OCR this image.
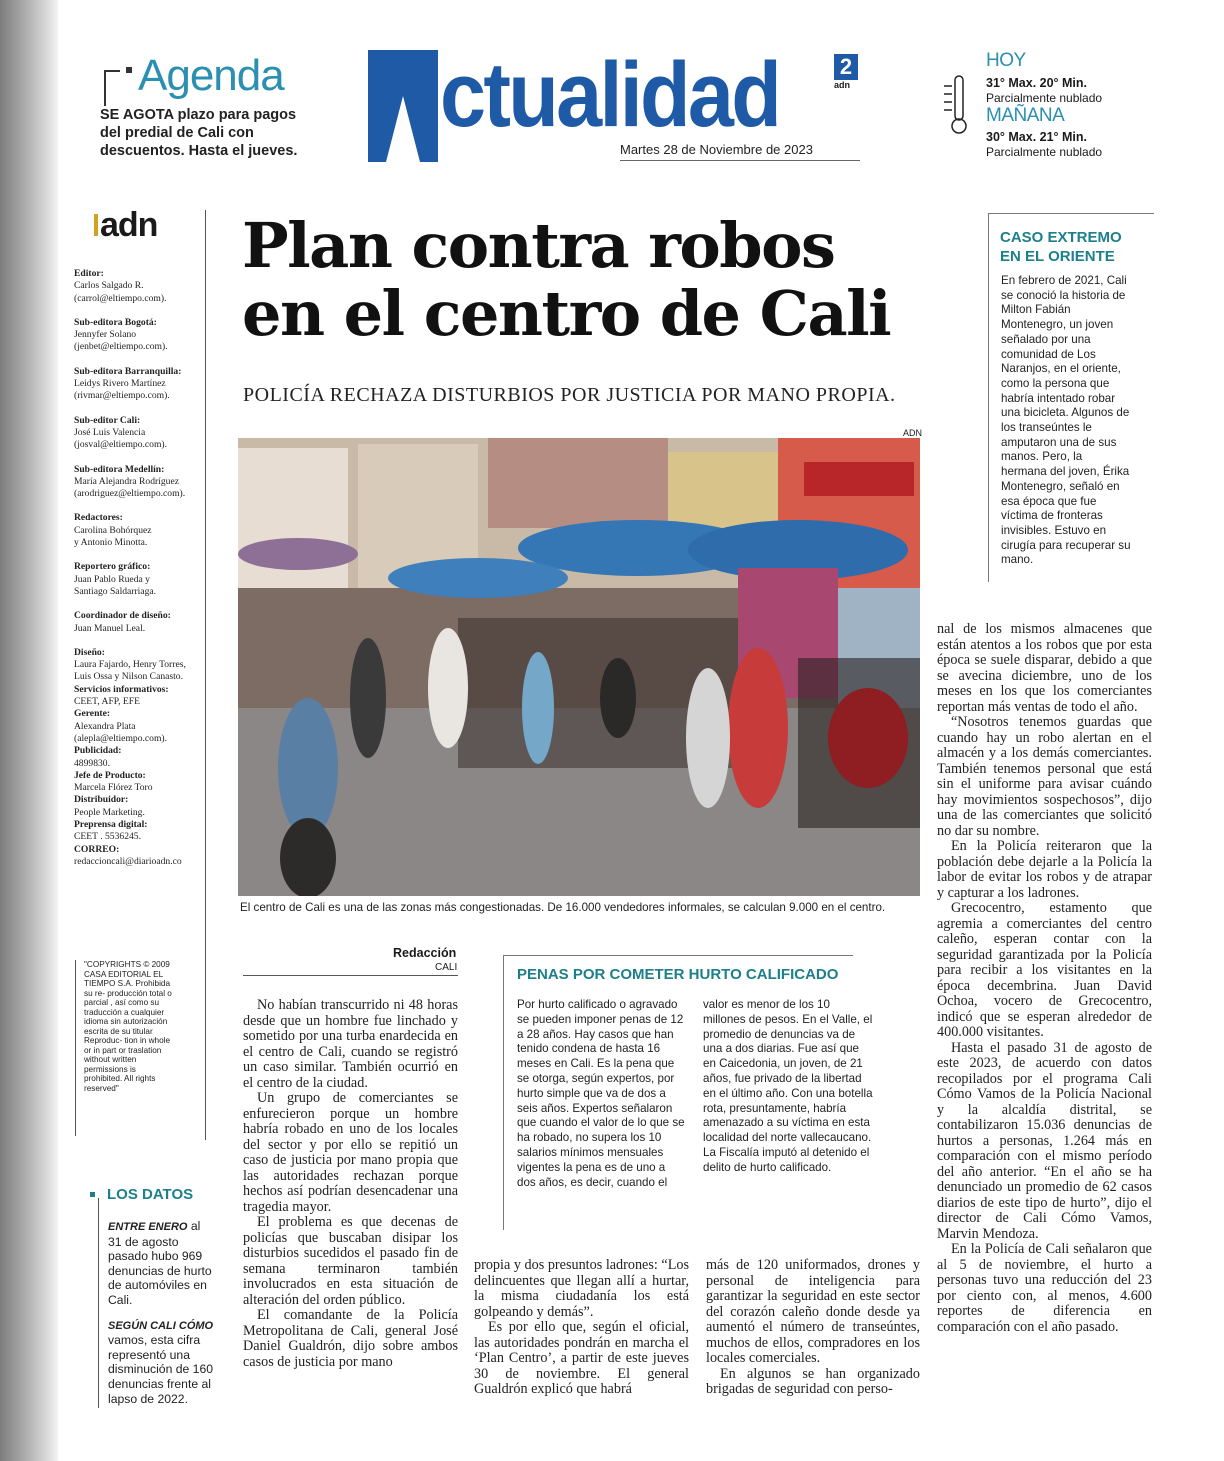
Agenda
SE AGOTA plazo para pagos del predial de Cali con descuentos. Hasta el jueves.
ctualidad	2
adn
Martes 28 de Noviembre de 2023
HOY
31° Max. 20° Min.
Parcialmente nublado
MAÑANA
30° Max. 21° Min.
Parcialmente nublado
adn
Editor:
Carlos Salgado R.
(carrol@eltiempo.com).
Sub-editora Bogotá:
Jennyfer Solano
(jenbet@eltiempo.com).
Sub-editora Barranquilla:
Leidys Rivero Martínez
(rivmar@eltiempo.com).
Sub-editor Cali:
José Luis Valencia
(josval@eltiempo.com).
Sub-editora Medellín:
María Alejandra Rodríguez
(arodriguez@eltiempo.com).
Redactores:
Carolina Bohórquez
y Antonio Minotta.
Reportero gráfico:
Juan Pablo Rueda y
Santiago Saldarriaga.
Coordinador de diseño:
Juan Manuel Leal.
Diseño:
Laura Fajardo, Henry Torres,
Luis Ossa y Nilson Canasto.
Servicios informativos:
CEET, AFP, EFE
Gerente:
Alexandra Plata
(alepla@eltiempo.com).
Publicidad:
4899830.
Jefe de Producto:
Marcela Flórez Toro
Distribuidor:
People Marketing.
Preprensa digital:
CEET . 5536245.
CORREO:
redaccioncali@diarioadn.co
"COPYRIGHTS © 2009 CASA EDITORIAL EL TIEMPO S.A. Prohibida su re- producción total o parcial , así como su traducción a cualquier idioma sin autorización escrita de su titular Reproduc- tion in whole or in part or traslation without written permissions is prohibited. All rights reserved"
Plan contra robos
en el centro de Cali
POLICÍA RECHAZA DISTURBIOS POR JUSTICIA POR MANO PROPIA.
ADN
El centro de Cali es una de las zonas más congestionadas. De 16.000 vendedores informales, se calculan 9.000 en el centro.
CASO EXTREMO
EN EL ORIENTE
En febrero de 2021, Cali se conoció la historia de Milton Fabián Montenegro, un joven señalado por una comunidad de Los Naranjos, en el oriente, como la persona que habría intentado robar una bicicleta. Algunos de los transeúntes le amputaron una de sus manos. Pero, la hermana del joven, Érika Montenegro, señaló en esa época que fue víctima de fronteras invisibles. Estuvo en cirugía para recuperar su mano.
Redacción
CALI

No habían transcurrido ni 48 horas desde que un hombre fue linchado y sometido por una turba enardecida en el centro de Cali, cuando se registró un caso similar. También ocurrió en el centro de la ciudad.

Un grupo de comerciantes se enfurecieron porque un hombre habría robado en uno de los locales del sector y por ello se repitió un caso de justicia por mano propia que las autoridades rechazan porque hechos así podrían desencadenar una tragedia mayor.

El problema es que decenas de policías que buscaban disipar los disturbios sucedidos el pasado fin de semana terminaron también involucrados en esta situación de alteración del orden público.

El comandante de la Policía Metropolitana de Cali, general José Daniel Gualdrón, dijo sobre ambos casos de justicia por mano

PENAS POR COMETER HURTO CALIFICADO
Por hurto calificado o agravado se pueden imponer penas de 12 a 28 años. Hay casos que han tenido condena de hasta 16 meses en Cali. Es la pena que se otorga, según expertos, por hurto simple que va de dos a seis años. Expertos señalaron que cuando el valor de lo que se ha robado, no supera los 10 salarios mínimos mensuales vigentes la pena es de uno a dos años, es decir, cuando el
valor es menor de los 10 millones de pesos. En el Valle, el promedio de denuncias va de una a dos diarias. Fue así que en Caicedonia, un joven, de 21 años, fue privado de la libertad en el último año. Con una botella rota, presuntamente, habría amenazado a su víctima en esta localidad del norte vallecaucano. La Fiscalía imputó al detenido el delito de hurto calificado.

propia y dos presuntos ladrones: “Los delincuentes que llegan allí a hurtar, la misma ciudadanía los está golpeando y demás”.

Es por ello que, según el oficial, las autoridades pondrán en marcha el ‘Plan Centro’, a partir de este jueves 30 de noviembre. El general Gualdrón explicó que habrá

más de 120 uniformados, drones y personal de inteligencia para garantizar la seguridad en este sector del corazón caleño donde desde ya aumentó el número de transeúntes, muchos de ellos, compradores en los locales comerciales.

En algunos se han organizado brigadas de seguridad con perso-

nal de los mismos almacenes que están atentos a los robos que por esta época se suele disparar, debido a que se avecina diciembre, uno de los meses en los que los comerciantes reportan más ventas de todo el año.

“Nosotros tenemos guardas que cuando hay un robo alertan en el almacén y a los demás comerciantes. También tenemos personal que está sin el uniforme para avisar cuándo hay movimientos sospechosos”, dijo una de las comerciantes que solicitó no dar su nombre.

En la Policía reiteraron que la población debe dejarle a la Policía la labor de evitar los robos y de atrapar y capturar a los ladrones.

Grecocentro, estamento que agremia a comerciantes del centro caleño, esperan contar con la seguridad garantizada por la Policía para recibir a los visitantes en la época decembrina. Juan David Ochoa, vocero de Grecocentro, indicó que se esperan alrededor de 400.000 visitantes.

Hasta el pasado 31 de agosto de este 2023, de acuerdo con datos recopilados por el programa Cali Cómo Vamos de la Policía Nacional y la alcaldía distrital, se contabilizaron 15.036 denuncias de hurtos a personas, 1.264 más en comparación con el mismo período del año anterior. “En el año se ha denunciado un promedio de 62 casos diarios de este tipo de hurto”, dijo el director de Cali Cómo Vamos, Marvin Mendoza.

En la Policía de Cali señalaron que al 5 de noviembre, el hurto a personas tuvo una reducción del 23 por ciento con, al menos, 4.600 reportes de diferencia en comparación con el año pasado.

LOS DATOS
ENTRE ENERO al 31 de agosto pasado hubo 969 denuncias de hurto de automóviles en Cali.
SEGÚN CALI CÓMO
vamos, esta cifra representó una disminución de 160 denuncias frente al lapso de 2022.
